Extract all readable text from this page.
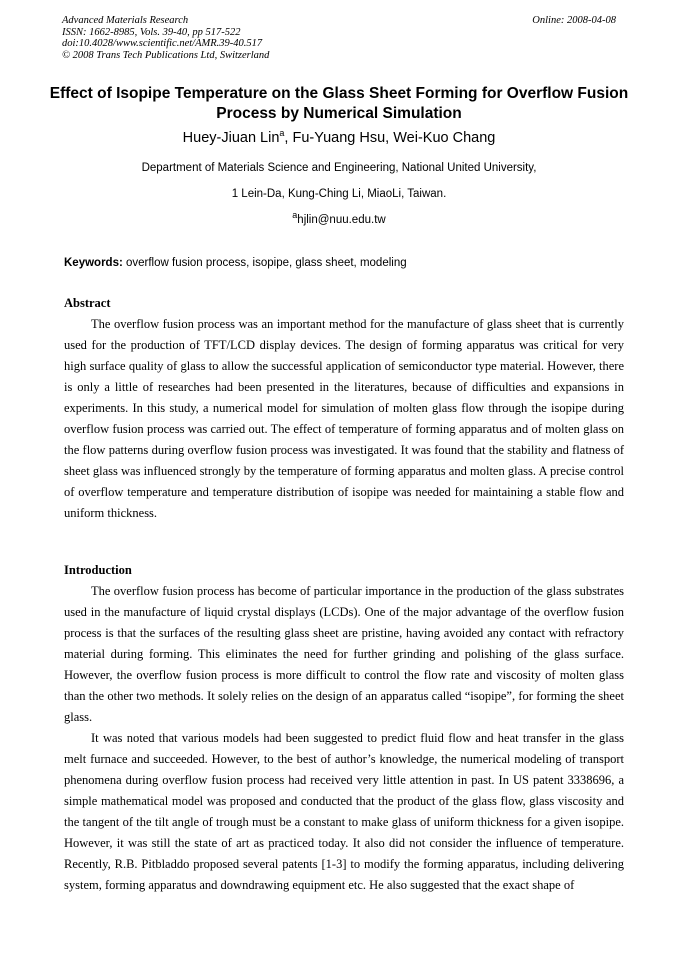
Advanced Materials Research
ISSN: 1662-8985, Vols. 39-40, pp 517-522
doi:10.4028/www.scientific.net/AMR.39-40.517
© 2008 Trans Tech Publications Ltd, Switzerland
Online: 2008-04-08
Effect of Isopipe Temperature on the Glass Sheet Forming for Overflow Fusion Process by Numerical Simulation
Huey-Jiuan Lin$^a$, Fu-Yuang Hsu, Wei-Kuo Chang
Department of Materials Science and Engineering, National United University,
1 Lein-Da, Kung-Ching Li, MiaoLi, Taiwan.
$^a$hjlin@nuu.edu.tw
Keywords: overflow fusion process, isopipe, glass sheet, modeling
Abstract

The overflow fusion process was an important method for the manufacture of glass sheet that is currently used for the production of TFT/LCD display devices. The design of forming apparatus was critical for very high surface quality of glass to allow the successful application of semiconductor type material. However, there is only a little of researches had been presented in the literatures, because of difficulties and expansions in experiments. In this study, a numerical model for simulation of molten glass flow through the isopipe during overflow fusion process was carried out. The effect of temperature of forming apparatus and of molten glass on the flow patterns during overflow fusion process was investigated. It was found that the stability and flatness of sheet glass was influenced strongly by the temperature of forming apparatus and molten glass. A precise control of overflow temperature and temperature distribution of isopipe was needed for maintaining a stable flow and uniform thickness.

Introduction

The overflow fusion process has become of particular importance in the production of the glass substrates used in the manufacture of liquid crystal displays (LCDs). One of the major advantage of the overflow fusion process is that the surfaces of the resulting glass sheet are pristine, having avoided any contact with refractory material during forming. This eliminates the need for further grinding and polishing of the glass surface. However, the overflow fusion process is more difficult to control the flow rate and viscosity of molten glass than the other two methods. It solely relies on the design of an apparatus called “isopipe”, for forming the sheet glass.

It was noted that various models had been suggested to predict fluid flow and heat transfer in the glass melt furnace and succeeded. However, to the best of author’s knowledge, the numerical modeling of transport phenomena during overflow fusion process had received very little attention in past. In US patent 3338696, a simple mathematical model was proposed and conducted that the product of the glass flow, glass viscosity and the tangent of the tilt angle of trough must be a constant to make glass of uniform thickness for a given isopipe. However, it was still the state of art as practiced today. It also did not consider the influence of temperature. Recently, R.B. Pitbladdo proposed several patents [1-3] to modify the forming apparatus, including delivering system, forming apparatus and downdrawing equipment etc. He also suggested that the exact shape of
